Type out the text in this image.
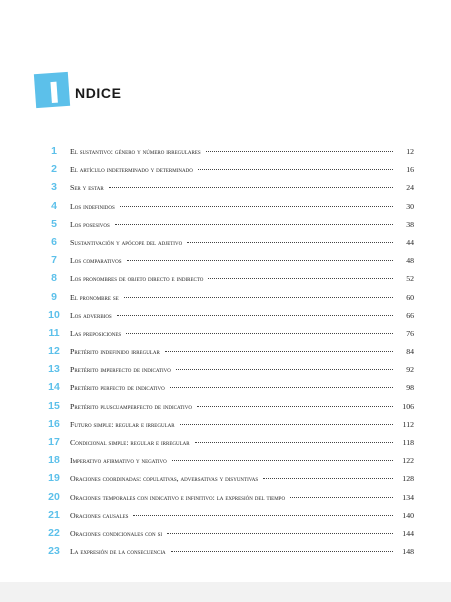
NDICE
1	El sustantivo: género y número irregulares	12
2	El artículo indeterminado y determinado	16
3	Ser y estar	24
4	Los indefinidos	30
5	Los posesivos	38
6	Sustantivación y apócope del adjetivo	44
7	Los comparativos	48
8	Los pronombres de objeto directo e indirecto	52
9	El pronombre se	60
10	Los adverbios	66
11	Las preposiciones	76
12	Pretérito indefinido irregular	84
13	Pretérito imperfecto de indicativo	92
14	Pretérito perfecto de indicativo	98
15	Pretérito pluscuamperfecto de indicativo	106
16	Futuro simple: regular e irregular	112
17	Condicional simple: regular e irregular	118
18	Imperativo afirmativo y negativo	122
19	Oraciones coordinadas: copulativas, adversativas y disyuntivas	128
20	Oraciones temporales con indicativo e infinitivo: la expresión del tiempo	134
21	Oraciones causales	140
22	Oraciones condicionales con si	144
23	La expresión de la consecuencia	148
